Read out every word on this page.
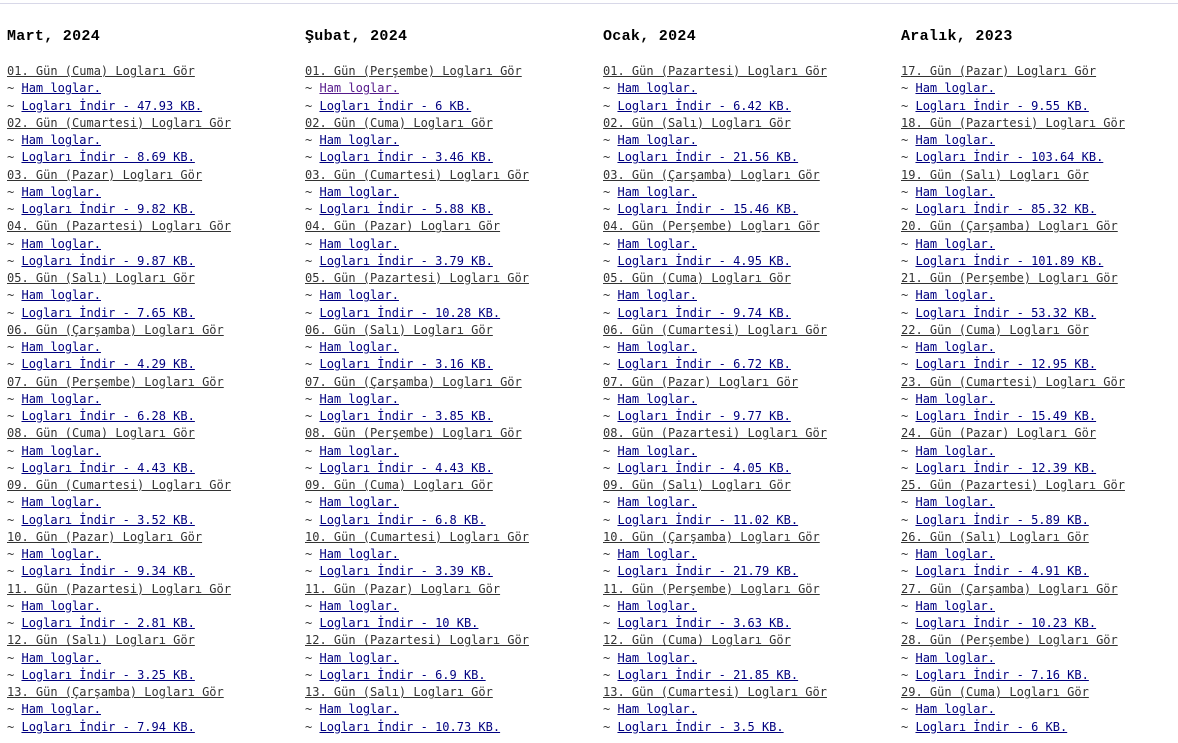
Mart, 2024
01. Gün (Cuma) Logları Gör
~ Ham loglar.
~ Logları İndir - 47.93 KB.
02. Gün (Cumartesi) Logları Gör
~ Ham loglar.
~ Logları İndir - 8.69 KB.
03. Gün (Pazar) Logları Gör
~ Ham loglar.
~ Logları İndir - 9.82 KB.
04. Gün (Pazartesi) Logları Gör
~ Ham loglar.
~ Logları İndir - 9.87 KB.
05. Gün (Salı) Logları Gör
~ Ham loglar.
~ Logları İndir - 7.65 KB.
06. Gün (Çarşamba) Logları Gör
~ Ham loglar.
~ Logları İndir - 4.29 KB.
07. Gün (Perşembe) Logları Gör
~ Ham loglar.
~ Logları İndir - 6.28 KB.
08. Gün (Cuma) Logları Gör
~ Ham loglar.
~ Logları İndir - 4.43 KB.
09. Gün (Cumartesi) Logları Gör
~ Ham loglar.
~ Logları İndir - 3.52 KB.
10. Gün (Pazar) Logları Gör
~ Ham loglar.
~ Logları İndir - 9.34 KB.
11. Gün (Pazartesi) Logları Gör
~ Ham loglar.
~ Logları İndir - 2.81 KB.
12. Gün (Salı) Logları Gör
~ Ham loglar.
~ Logları İndir - 3.25 KB.
13. Gün (Çarşamba) Logları Gör
~ Ham loglar.
~ Logları İndir - 7.94 KB.
Şubat, 2024
01. Gün (Perşembe) Logları Gör
~ Ham loglar.
~ Logları İndir - 6 KB.
02. Gün (Cuma) Logları Gör
~ Ham loglar.
~ Logları İndir - 3.46 KB.
03. Gün (Cumartesi) Logları Gör
~ Ham loglar.
~ Logları İndir - 5.88 KB.
04. Gün (Pazar) Logları Gör
~ Ham loglar.
~ Logları İndir - 3.79 KB.
05. Gün (Pazartesi) Logları Gör
~ Ham loglar.
~ Logları İndir - 10.28 KB.
06. Gün (Salı) Logları Gör
~ Ham loglar.
~ Logları İndir - 3.16 KB.
07. Gün (Çarşamba) Logları Gör
~ Ham loglar.
~ Logları İndir - 3.85 KB.
08. Gün (Perşembe) Logları Gör
~ Ham loglar.
~ Logları İndir - 4.43 KB.
09. Gün (Cuma) Logları Gör
~ Ham loglar.
~ Logları İndir - 6.8 KB.
10. Gün (Cumartesi) Logları Gör
~ Ham loglar.
~ Logları İndir - 3.39 KB.
11. Gün (Pazar) Logları Gör
~ Ham loglar.
~ Logları İndir - 10 KB.
12. Gün (Pazartesi) Logları Gör
~ Ham loglar.
~ Logları İndir - 6.9 KB.
13. Gün (Salı) Logları Gör
~ Ham loglar.
~ Logları İndir - 10.73 KB.
Ocak, 2024
01. Gün (Pazartesi) Logları Gör
~ Ham loglar.
~ Logları İndir - 6.42 KB.
02. Gün (Salı) Logları Gör
~ Ham loglar.
~ Logları İndir - 21.56 KB.
03. Gün (Çarşamba) Logları Gör
~ Ham loglar.
~ Logları İndir - 15.46 KB.
04. Gün (Perşembe) Logları Gör
~ Ham loglar.
~ Logları İndir - 4.95 KB.
05. Gün (Cuma) Logları Gör
~ Ham loglar.
~ Logları İndir - 9.74 KB.
06. Gün (Cumartesi) Logları Gör
~ Ham loglar.
~ Logları İndir - 6.72 KB.
07. Gün (Pazar) Logları Gör
~ Ham loglar.
~ Logları İndir - 9.77 KB.
08. Gün (Pazartesi) Logları Gör
~ Ham loglar.
~ Logları İndir - 4.05 KB.
09. Gün (Salı) Logları Gör
~ Ham loglar.
~ Logları İndir - 11.02 KB.
10. Gün (Çarşamba) Logları Gör
~ Ham loglar.
~ Logları İndir - 21.79 KB.
11. Gün (Perşembe) Logları Gör
~ Ham loglar.
~ Logları İndir - 3.63 KB.
12. Gün (Cuma) Logları Gör
~ Ham loglar.
~ Logları İndir - 21.85 KB.
13. Gün (Cumartesi) Logları Gör
~ Ham loglar.
~ Logları İndir - 3.5 KB.
Aralık, 2023
17. Gün (Pazar) Logları Gör
~ Ham loglar.
~ Logları İndir - 9.55 KB.
18. Gün (Pazartesi) Logları Gör
~ Ham loglar.
~ Logları İndir - 103.64 KB.
19. Gün (Salı) Logları Gör
~ Ham loglar.
~ Logları İndir - 85.32 KB.
20. Gün (Çarşamba) Logları Gör
~ Ham loglar.
~ Logları İndir - 101.89 KB.
21. Gün (Perşembe) Logları Gör
~ Ham loglar.
~ Logları İndir - 53.32 KB.
22. Gün (Cuma) Logları Gör
~ Ham loglar.
~ Logları İndir - 12.95 KB.
23. Gün (Cumartesi) Logları Gör
~ Ham loglar.
~ Logları İndir - 15.49 KB.
24. Gün (Pazar) Logları Gör
~ Ham loglar.
~ Logları İndir - 12.39 KB.
25. Gün (Pazartesi) Logları Gör
~ Ham loglar.
~ Logları İndir - 5.89 KB.
26. Gün (Salı) Logları Gör
~ Ham loglar.
~ Logları İndir - 4.91 KB.
27. Gün (Çarşamba) Logları Gör
~ Ham loglar.
~ Logları İndir - 10.23 KB.
28. Gün (Perşembe) Logları Gör
~ Ham loglar.
~ Logları İndir - 7.16 KB.
29. Gün (Cuma) Logları Gör
~ Ham loglar.
~ Logları İndir - 6 KB.
